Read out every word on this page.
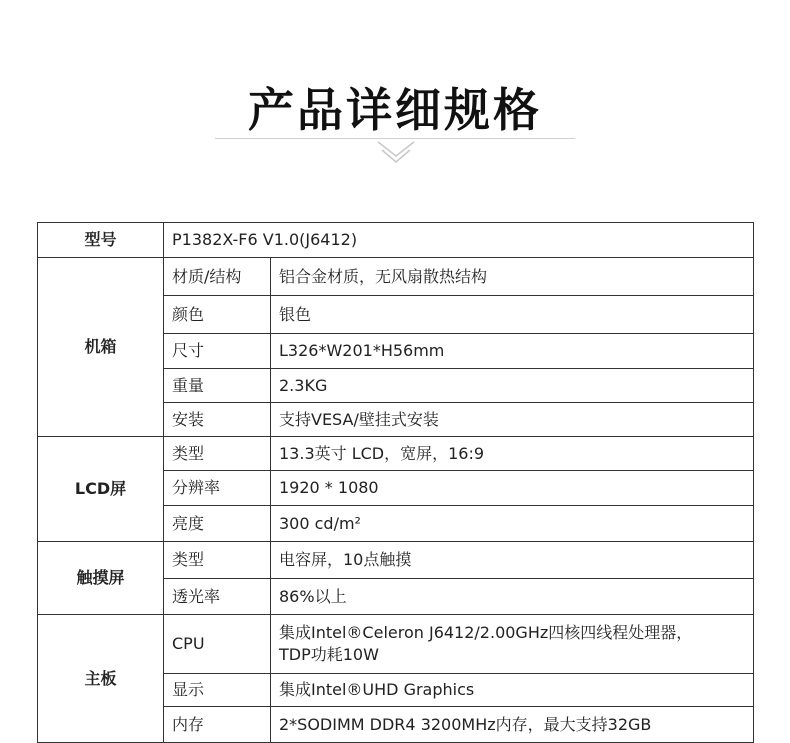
产品详细规格
型号	P1382X-F6 V1.0(J6412)	
机箱	材质/结构	铝合金材质，无风扇散热结构
	颜色	银色
	尺寸	L326*W201*H56mm
	重量	2.3KG
	安装	支持VESA/壁挂式安装
LCD屏	类型	13.3英寸 LCD，宽屏，16:9
	分辨率	1920 * 1080
	亮度	300 cd/m²
触摸屏	类型	电容屏，10点触摸
	透光率	86%以上
主板	CPU	集成Intel®Celeron J6412/2.00GHz四核四线程处理器，
TDP功耗10W

	显示	集成Intel®UHD Graphics
	内存	2*SODIMM DDR4 3200MHz内存，最大支持32GB
